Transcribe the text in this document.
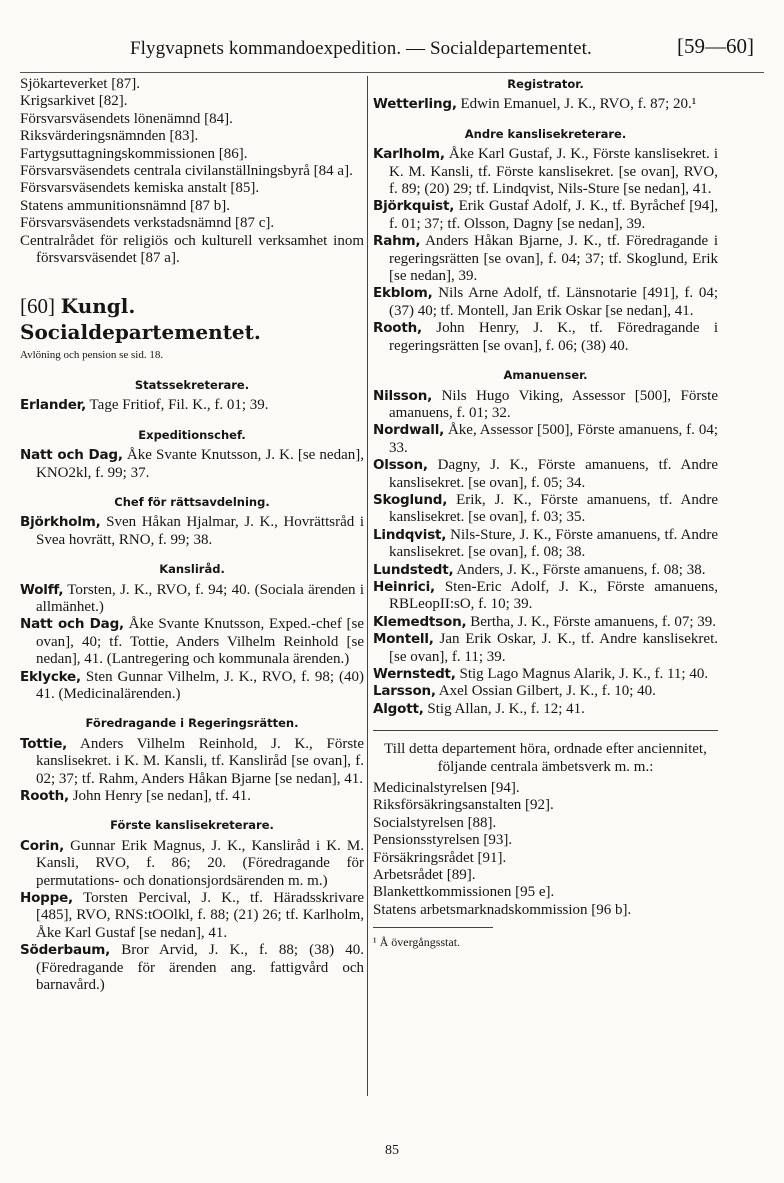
Flygvapnets kommandoexpedition. — Socialdepartementet.	[59—60]

Sjökarteverket [87].

Krigsarkivet [82].

Försvarsväsendets lönenämnd [84].

Riksvärderingsnämnden [83].

Fartygsuttagningskommissionen [86].

Försvarsväsendets centrala civilanställningsbyrå [84 a].

Försvarsväsendets kemiska anstalt [85].

Statens ammunitionsnämnd [87 b].

Försvarsväsendets verkstadsnämnd [87 c].

Centralrådet för religiös och kulturell verksamhet inom försvarsväsendet [87 a].

[60] Kungl. Socialdepartementet.

Avlöning och pension se sid. 18.

Statssekreterare.

Erlander, Tage Fritiof, Fil. K., f. 01; 39.

Expeditionschef.

Natt och Dag, Åke Svante Knutsson, J. K. [se nedan], KNO2kl, f. 99; 37.

Chef för rättsavdelning.

Björkholm, Sven Håkan Hjalmar, J. K., Hovrättsråd i Svea hovrätt, RNO, f. 99; 38.

Kansliråd.

Wolff, Torsten, J. K., RVO, f. 94; 40. (Sociala ärenden i allmänhet.)

Natt och Dag, Åke Svante Knutsson, Exped.-chef [se ovan], 40; tf. Tottie, Anders Vilhelm Reinhold [se nedan], 41. (Lantregering och kommunala ärenden.)

Eklycke, Sten Gunnar Vilhelm, J. K., RVO, f. 98; (40) 41. (Medicinalärenden.)

Föredragande i Regeringsrätten.

Tottie, Anders Vilhelm Reinhold, J. K., Förste kanslisekret. i K. M. Kansli, tf. Kansliråd [se ovan], f. 02; 37; tf. Rahm, Anders Håkan Bjarne [se nedan], 41.

Rooth, John Henry [se nedan], tf. 41.

Förste kanslisekreterare.

Corin, Gunnar Erik Magnus, J. K., Kansliråd i K. M. Kansli, RVO, f. 86; 20. (Föredragande för permutations- och donationsjordsärenden m. m.)

Hoppe, Torsten Percival, J. K., tf. Häradsskrivare [485], RVO, RNS:tOOlkl, f. 88; (21) 26; tf. Karlholm, Åke Karl Gustaf [se nedan], 41.

Söderbaum, Bror Arvid, J. K., f. 88; (38) 40. (Föredragande för ärenden ang. fattigvård och barnavård.)

Registrator.

Wetterling, Edwin Emanuel, J. K., RVO, f. 87; 20.¹

Andre kanslisekreterare.

Karlholm, Åke Karl Gustaf, J. K., Förste kanslisekret. i K. M. Kansli, tf. Förste kanslisekret. [se ovan], RVO, f. 89; (20) 29; tf. Lindqvist, Nils-Sture [se nedan], 41.

Björkquist, Erik Gustaf Adolf, J. K., tf. Byråchef [94], f. 01; 37; tf. Olsson, Dagny [se nedan], 39.

Rahm, Anders Håkan Bjarne, J. K., tf. Föredragande i regeringsrätten [se ovan], f. 04; 37; tf. Skoglund, Erik [se nedan], 39.

Ekblom, Nils Arne Adolf, tf. Länsnotarie [491], f. 04; (37) 40; tf. Montell, Jan Erik Oskar [se nedan], 41.

Rooth, John Henry, J. K., tf. Föredragande i regeringsrätten [se ovan], f. 06; (38) 40.

Amanuenser.

Nilsson, Nils Hugo Viking, Assessor [500], Förste amanuens, f. 01; 32.

Nordwall, Åke, Assessor [500], Förste amanuens, f. 04; 33.

Olsson, Dagny, J. K., Förste amanuens, tf. Andre kanslisekret. [se ovan], f. 05; 34.

Skoglund, Erik, J. K., Förste amanuens, tf. Andre kanslisekret. [se ovan], f. 03; 35.

Lindqvist, Nils-Sture, J. K., Förste amanuens, tf. Andre kanslisekret. [se ovan], f. 08; 38.

Lundstedt, Anders, J. K., Förste amanuens, f. 08; 38.

Heinrici, Sten-Eric Adolf, J. K., Förste amanuens, RBLeopII:sO, f. 10; 39.

Klemedtson, Bertha, J. K., Förste amanuens, f. 07; 39.

Montell, Jan Erik Oskar, J. K., tf. Andre kanslisekret. [se ovan], f. 11; 39.

Wernstedt, Stig Lago Magnus Alarik, J. K., f. 11; 40.

Larsson, Axel Ossian Gilbert, J. K., f. 10; 40.

Algott, Stig Allan, J. K., f. 12; 41.

Till detta departement höra, ordnade efter anciennitet, följande centrala ämbetsverk m. m.:

Medicinalstyrelsen [94].

Riksförsäkringsanstalten [92].

Socialstyrelsen [88].

Pensionsstyrelsen [93].

Försäkringsrådet [91].

Arbetsrådet [89].

Blankettkommissionen [95 e].

Statens arbetsmarknadskommission [96 b].

¹ Å övergångsstat.

85
